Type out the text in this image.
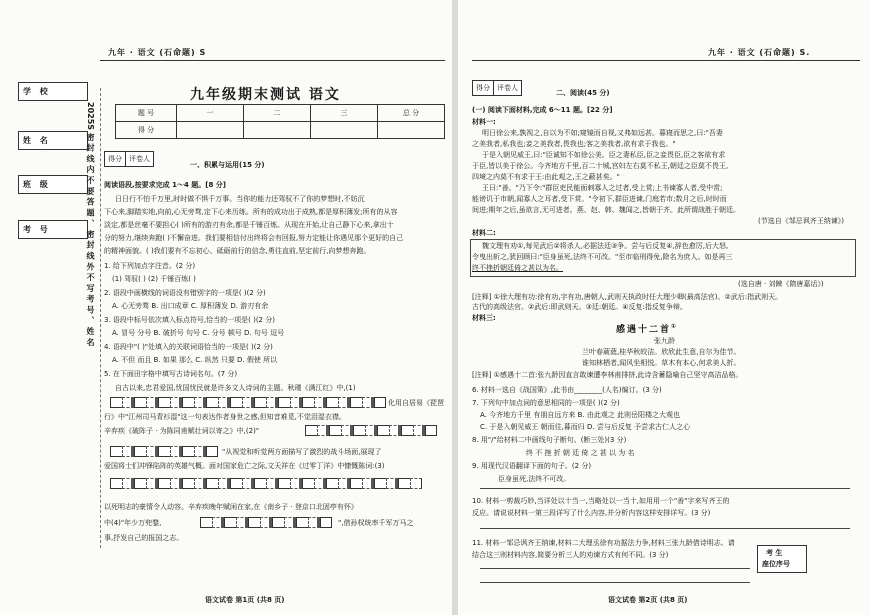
九年 · 语文 (石命题) S
学 校
姓 名
班 级
考 号	2025S 密 封 线 内 不 要 答 题 、 密 封 线 外 不 写 考 号 、 姓 名
九年级期末测试 语文
题 号	一	二	三	总 分
得 分				
得分 评卷人
一、积累与运用(15 分)
阅读语段,按要求完成 1～4 题。[8 分]
日日行不怕千万里,时时做不惧千万事。当你的能力还驾驭不了你的梦想时,不妨沉
下心来,脚踏实地,向前,心无旁骛,定下心来历练。所有的成功出于成熟,都是厚积薄发;所有的从容
淡定,都是丝毫不要担心( )所有的游刃有余,都是千锤百炼。从现在开始,让自己静下心来,拿出十
分的努力,继续奔跑( )不懈奋进。我们要相信付出终将会有回报,努力定能让你遇见那个更好的自己
的精神面貌。( )我们要有不忘初心、砥砺前行的信念,勇往直前,坚定前行,向梦想奔跑。
1. 给下列加点字注音。(2 分)
(1) 驾驭( ) (2) 千锤百炼( )
2. 语段中画横线的词语没有错别字的一项是( )(2 分)
A. 心无旁骛 B. 出口成章 C. 厚积薄发 D. 游刃有余
3. 语段中标号依次填入标点符号,恰当的一项是( )(2 分)
A. 冒号 分号 B. 破折号 句号 C. 分号 顿号 D. 句号 逗号
4. 语段中"( )"处填入的关联词语恰当的一项是( )(2 分)
A. 不但 而且 B. 如果 那么 C. 纵然 只要 D. 假使 所以
5. 在下面田字格中填写古诗词名句。(7 分)
自古以来,忠君爱国,忧国忧民就是许多文人诗词的主题。秋瑾《满江红》中,(1)
化用自居易《琵琶
行》中"江州司马青衫湿"这一句表达作者身世之感,但知音难觅,不觉泪湿衣襟。
辛弃疾《破阵子 · 为陈同甫赋壮词以寄之》中,(2)"
"从视觉和听觉两方面描写了激烈的战斗场面,展现了
爱国将士们冲锋陷阵的英雄气概。面对国家危亡之际,文天祥在《过零丁洋》中慷慨陈词:(3)
以死明志的豪情令人动容。辛弃疾晚年赋闲在家,在《南乡子 · 登京口北固亭有怀》
中(4)"年少万兜鍪,	",借孙权统率千军万马之
事,抒发自己的报国之志。
语文试卷 第1页 (共8 页)
九年 · 语文 (石命题) S.
得分 评卷人
二、阅读(45 分)
(一) 阅读下面材料,完成 6～11 题。[22 分]
材料一:
明日徐公来,孰视之,自以为不如;窥镜而自视,又弗如远甚。暮寝而思之,曰:"吾妻
之美我者,私我也;妾之美我者,畏我也;客之美我者,欲有求于我也。"
于是入朝见威王,曰:"臣诚知不如徐公美。臣之妻私臣,臣之妾畏臣,臣之客欲有求
于臣,皆以美于徐公。今齐地方千里,百二十城,宫妇左右莫不私王,朝廷之臣莫不畏王,
四境之内莫不有求于王:由此观之,王之蔽甚矣。"
王曰:"善。"乃下令:"群臣吏民能面刺寡人之过者,受上赏;上书谏寡人者,受中赏;
能谤讥于市朝,闻寡人之耳者,受下赏。"令初下,群臣进谏,门庭若市;数月之后,时时而
间进;期年之后,虽欲言,无可进者。燕、赵、韩、魏闻之,皆朝于齐。此所谓战胜于朝廷。
(节选自《邹忌讽齐王纳谏》)
材料二:
魏文理有劝①,每见武后②将杀人,必据法廷③争。尝与后反复④,辞色愈厉,后大怒,
令曳出斩之,犹回顾曰:"臣身虽死,法终不可改。"至市临刑得免,除名为庶人。如是再三
终不挫折朝廷倚之甚以为名。
(选自唐 · 刘餗《隋唐嘉话》)
[注释] ①徐大理有功:徐有功,字有功,唐朝人,武则天执政时任大理少卿(最高法官)。②武后:指武则天。
古代的高级法官。②武后:即武则天。③廷:朝廷。④反复:指反复争辩。
材料三:
感遇十二首①
张九龄
兰叶春葳蕤,桂华秋皎洁。欣欣此生意,自尔为佳节。
谁知林栖者,闻风坐相悦。草木有本心,何求美人折。
[注释] ①感遇十二首:张九龄因直言敢谏遭李林甫排挤,此诗含蓄隐喻自己坚守高洁品格。
6. 材料一选自《战国策》,此书由________(人名)编订。(3 分)
7. 下列句中加点词的意思相同的一项是( )(2 分)
A. 今齐地方千里 有朋自远方来 B. 由此观之 此则岳阳楼之大观也
C. 于是入朝见威王 朝而往,暮而归 D. 尝与后反复 予尝求古仁人之心
8. 用"/"给材料二中画线句子断句。(断三处)(3 分)
终 不 挫 折 朝 廷 倚 之 甚 以 为 名
9. 用现代汉语翻译下面的句子。(2 分)
臣身虽死,法终不可改。
10. 材料一剪裁巧妙,当详处以十当一,当略处以一当十,如用用一个"善"字来写齐王的
反应。请说说材料一第三段详写了什么内容,并分析内容这样安排详写。(3 分)
11. 材料一邹忌讽齐王纳谏,材料二大理丞徐有功据法力争,材料三张九龄借诗明志。请
结合这三则材料内容,简要分析三人的劝谏方式有何不同。(3 分)
语文试卷 第2页 (共8 页)
考 生
座位序号
